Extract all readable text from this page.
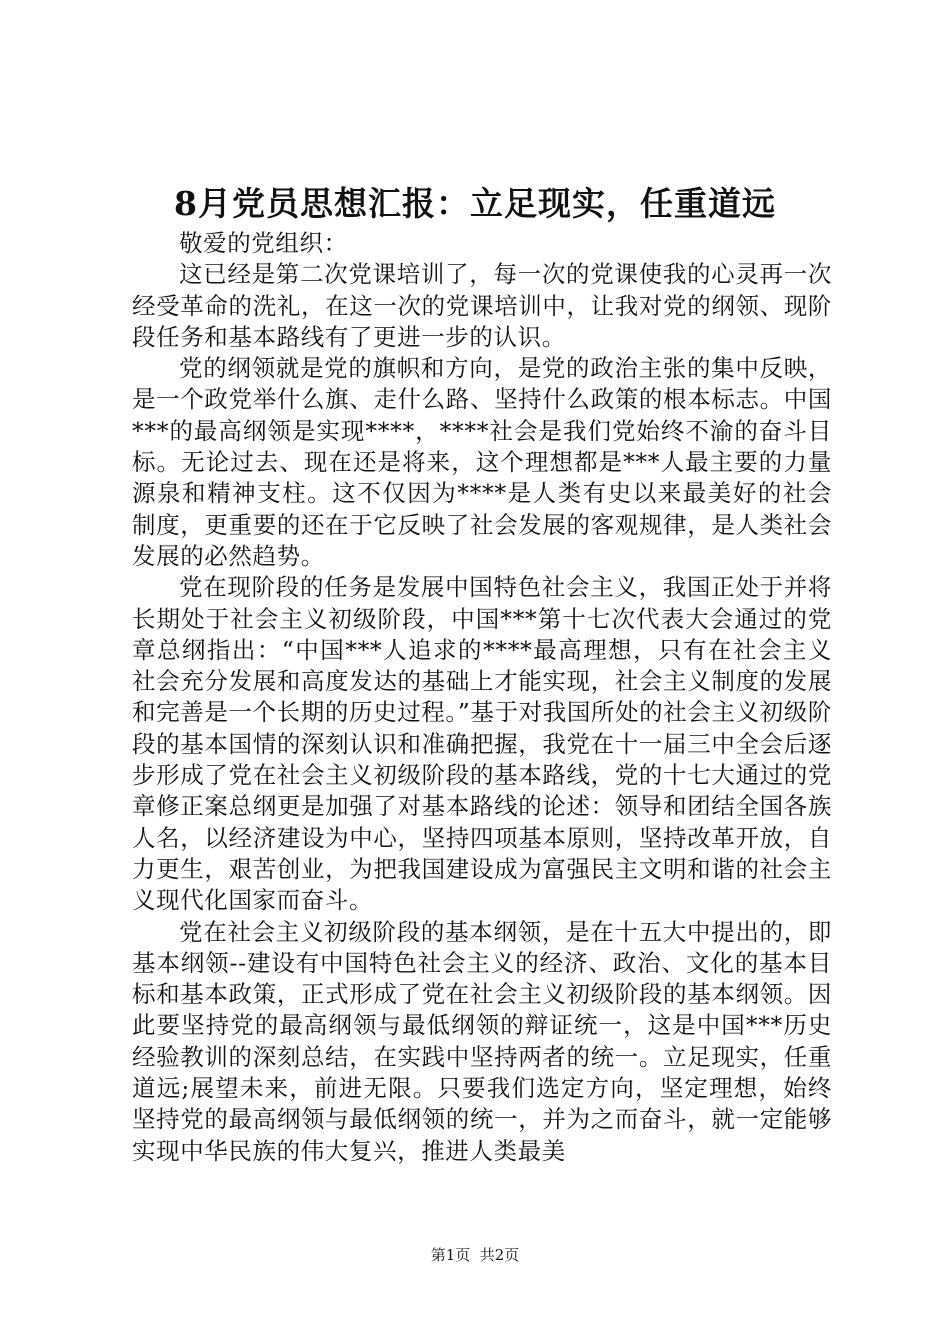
8月党员思想汇报：立足现实，任重道远

敬爱的党组织：

这已经是第二次党课培训了，每一次的党课使我的心灵再一次经受革命的洗礼，在这一次的党课培训中，让我对党的纲领、现阶段任务和基本路线有了更进一步的认识。

党的纲领就是党的旗帜和方向，是党的政治主张的集中反映，是一个政党举什么旗、走什么路、坚持什么政策的根本标志。中国***的最高纲领是实现****，****社会是我们党始终不渝的奋斗目标。无论过去、现在还是将来，这个理想都是***人最主要的力量源泉和精神支柱。这不仅因为****是人类有史以来最美好的社会制度，更重要的还在于它反映了社会发展的客观规律，是人类社会发展的必然趋势。

党在现阶段的任务是发展中国特色社会主义，我国正处于并将长期处于社会主义初级阶段，中国***第十七次代表大会通过的党章总纲指出：“中国***人追求的****最高理想，只有在社会主义社会充分发展和高度发达的基础上才能实现，社会主义制度的发展和完善是一个长期的历史过程。”基于对我国所处的社会主义初级阶段的基本国情的深刻认识和准确把握，我党在十一届三中全会后逐步形成了党在社会主义初级阶段的基本路线，党的十七大通过的党章修正案总纲更是加强了对基本路线的论述：领导和团结全国各族人名，以经济建设为中心，坚持四项基本原则，坚持改革开放，自力更生，艰苦创业，为把我国建设成为富强民主文明和谐的社会主义现代化国家而奋斗。

党在社会主义初级阶段的基本纲领，是在十五大中提出的，即基本纲领--建设有中国特色社会主义的经济、政治、文化的基本目标和基本政策，正式形成了党在社会主义初级阶段的基本纲领。因此要坚持党的最高纲领与最低纲领的辩证统一，这是中国***历史经验教训的深刻总结，在实践中坚持两者的统一。立足现实，任重道远;展望未来，前进无限。只要我们选定方向，坚定理想，始终坚持党的最高纲领与最低纲领的统一，并为之而奋斗，就一定能够实现中华民族的伟大复兴，推进人类最美

第1页  共2页
